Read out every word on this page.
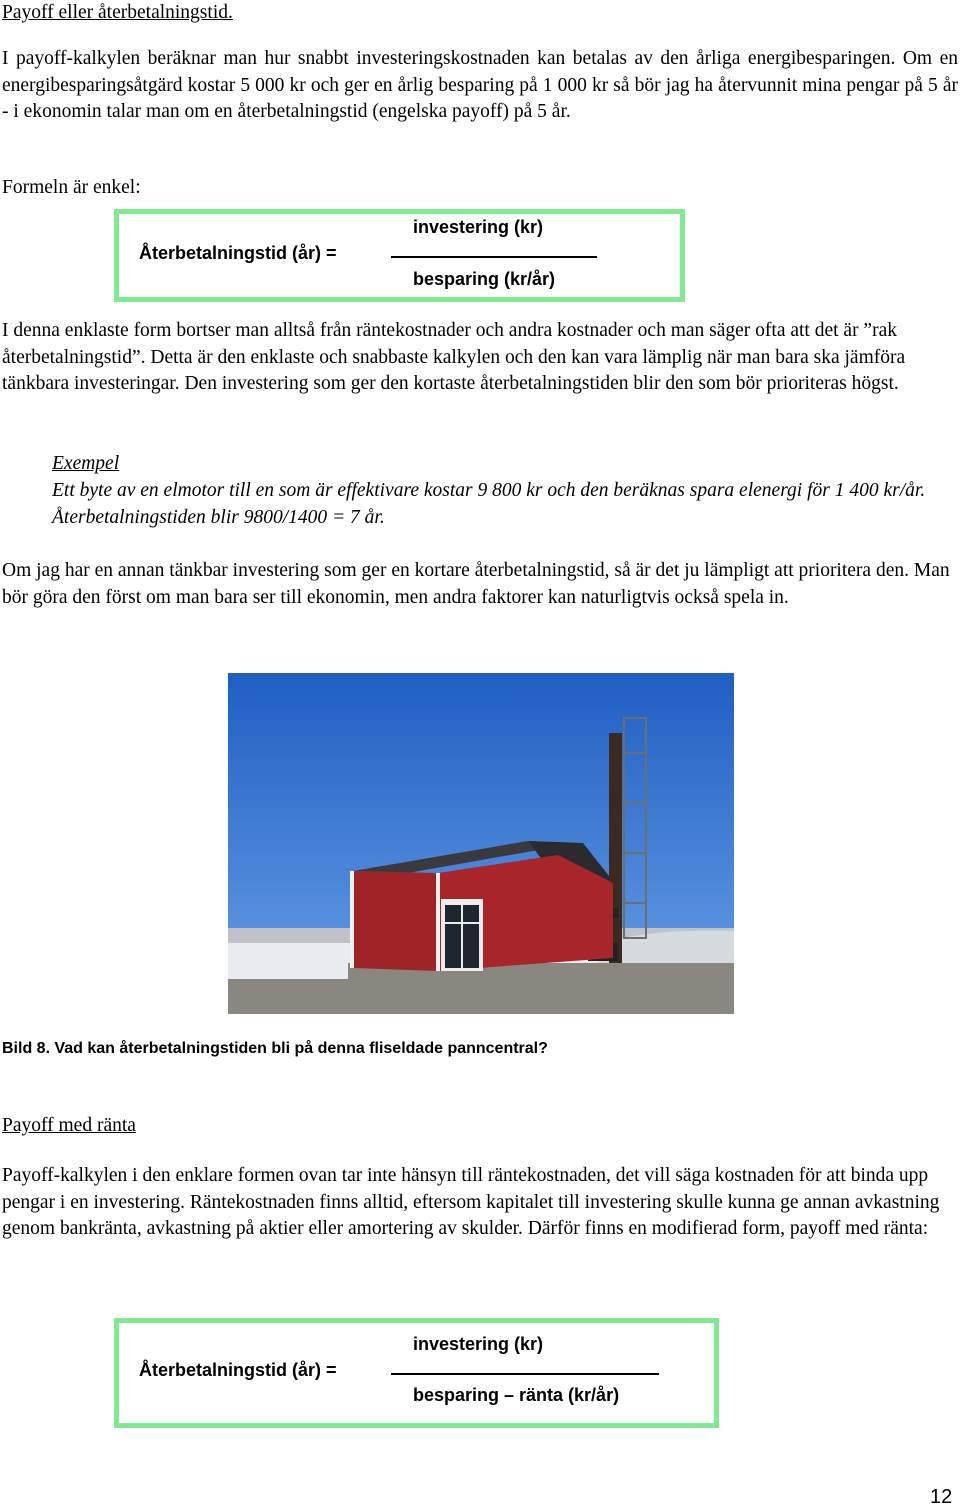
Payoff eller återbetalningstid.

I payoff-kalkylen beräknar man hur snabbt investeringskostnaden kan betalas av den årliga energibesparingen. Om en energibesparingsåtgärd kostar 5 000 kr och ger en årlig besparing på 1 000 kr så bör jag ha återvunnit mina pengar på 5 år - i ekonomin talar man om en återbetalningstid (engelska payoff) på 5 år.

Formeln är enkel:
Återbetalningstid (år) =
investering (kr)
besparing (kr/år)

I denna enklaste form bortser man alltså från räntekostnader och andra kostnader och man säger ofta att det är ”rak återbetalningstid”. Detta är den enklaste och snabbaste kalkylen och den kan vara lämplig när man bara ska jämföra tänkbara investeringar. Den investering som ger den kortaste återbetalningstiden blir den som bör prioriteras högst.

Exempel

Ett byte av en elmotor till en som är effektivare kostar 9 800 kr och den beräknas spara elenergi för 1 400 kr/år. Återbetalningstiden blir 9800/1400 = 7 år.

Om jag har en annan tänkbar investering som ger en kortare återbetalningstid, så är det ju lämpligt att prioritera den. Man bör göra den först om man bara ser till ekonomin, men andra faktorer kan naturligtvis också spela in.

Bild 8. Vad kan återbetalningstiden bli på denna fliseldade panncentral?
Payoff med ränta

Payoff-kalkylen i den enklare formen ovan tar inte hänsyn till räntekostnaden, det vill säga kostnaden för att binda upp pengar i en investering. Räntekostnaden finns alltid, eftersom kapitalet till investering skulle kunna ge annan avkastning genom bankränta, avkastning på aktier eller amortering av skulder. Därför finns en modifierad form, payoff med ränta:

Återbetalningstid (år) =
investering (kr)
besparing – ränta (kr/år)
12
